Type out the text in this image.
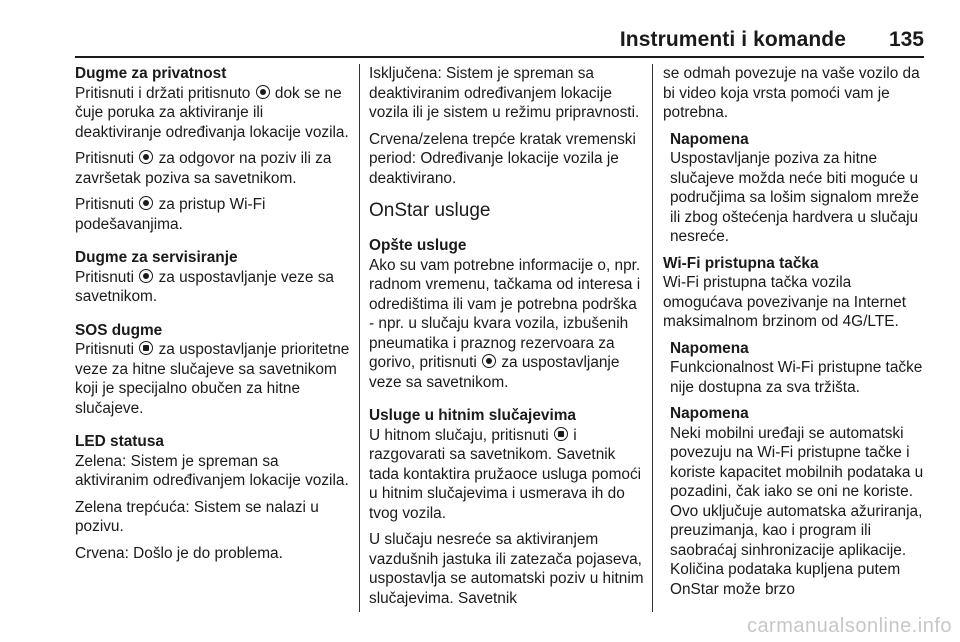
Instrumenti i komande 135
Dugme za privatnost

Pritisnuti i držati pritisnuto dok se ne čuje poruka za aktiviranje ili deaktiviranje određivanja lokacije vozila.

Pritisnuti za odgovor na poziv ili za završetak poziva sa savetnikom.

Pritisnuti za pristup Wi-Fi podešavanjima.

Dugme za servisiranje

Pritisnuti za uspostavljanje veze sa savetnikom.

SOS dugme

Pritisnuti za uspostavljanje prioritetne veze za hitne slučajeve sa savetnikom koji je specijalno obučen za hitne slučajeve.

LED statusa

Zelena: Sistem je spreman sa aktiviranim određivanjem lokacije vozila.

Zelena trepćuća: Sistem se nalazi u pozivu.

Crvena: Došlo je do problema.

Isključena: Sistem je spreman sa deaktiviranim određivanjem lokacije vozila ili je sistem u režimu pripravnosti.

Crvena/zelena trepće kratak vremenski period: Određivanje lokacije vozila je deaktivirano.

OnStar usluge
Opšte usluge

Ako su vam potrebne informacije o, npr. radnom vremenu, tačkama od interesa i odredištima ili vam je potrebna podrška - npr. u slučaju kvara vozila, izbušenih pneumatika i praznog rezervoara za gorivo, pritisnuti za uspostavljanje veze sa savetnikom.

Usluge u hitnim slučajevima

U hitnom slučaju, pritisnuti i razgovarati sa savetnikom. Savetnik tada kontaktira pružaoce usluga pomoći u hitnim slučajevima i usmerava ih do tvog vozila.

U slučaju nesreće sa aktiviranjem vazdušnih jastuka ili zatezača pojaseva, uspostavlja se automatski poziv u hitnim slučajevima. Savetnik

se odmah povezuje na vaše vozilo da bi video koja vrsta pomoći vam je potrebna.

Napomena

Uspostavljanje poziva za hitne slučajeve možda neće biti moguće u područjima sa lošim signalom mreže ili zbog oštećenja hardvera u slučaju nesreće.

Wi-Fi pristupna tačka

Wi-Fi pristupna tačka vozila omogućava povezivanje na Internet maksimalnom brzinom od 4G/LTE.

Napomena

Funkcionalnost Wi-Fi pristupne tačke nije dostupna za sva tržišta.

Napomena

Neki mobilni uređaji se automatski povezuju na Wi-Fi pristupne tačke i koriste kapacitet mobilnih podataka u pozadini, čak iako se oni ne koriste. Ovo uključuje automatska ažuriranja, preuzimanja, kao i program ili saobraćaj sinhronizacije aplikacije. Količina podataka kupljena putem OnStar može brzo

carmanualsonline.info
